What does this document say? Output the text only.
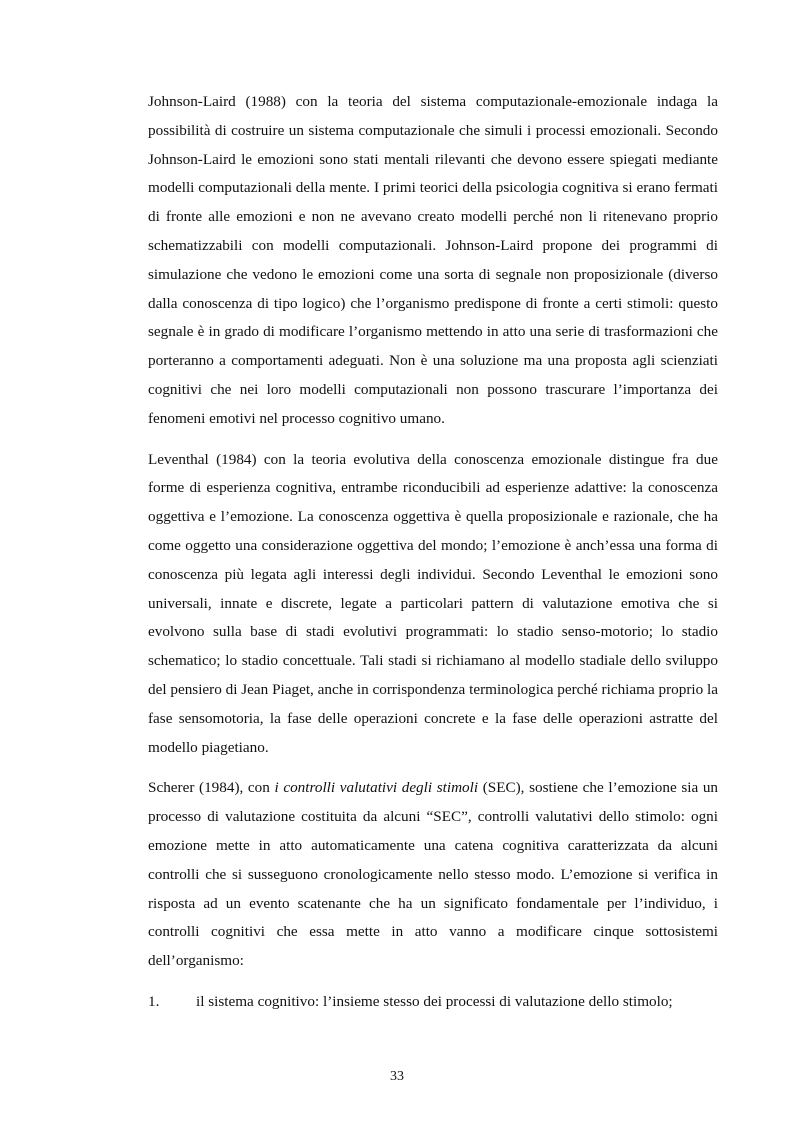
Johnson-Laird (1988) con la teoria del sistema computazionale-emozionale indaga la possibilità di costruire un sistema computazionale che simuli i processi emozionali. Secondo Johnson-Laird le emozioni sono stati mentali rilevanti che devono essere spiegati mediante modelli computazionali della mente. I primi teorici della psicologia cognitiva si erano fermati di fronte alle emozioni e non ne avevano creato modelli perché non li ritenevano proprio schematizzabili con modelli computazionali. Johnson-Laird propone dei programmi di simulazione che vedono le emozioni come una sorta di segnale non proposizionale (diverso dalla conoscenza di tipo logico) che l’organismo predispone di fronte a certi stimoli: questo segnale è in grado di modificare l’organismo mettendo in atto una serie di trasformazioni che porteranno a comportamenti adeguati. Non è una soluzione ma una proposta agli scienziati cognitivi che nei loro modelli computazionali non possono trascurare l’importanza dei fenomeni emotivi nel processo cognitivo umano.

Leventhal (1984) con la teoria evolutiva della conoscenza emozionale distingue fra due forme di esperienza cognitiva, entrambe riconducibili ad esperienze adattive: la conoscenza oggettiva e l’emozione. La conoscenza oggettiva è quella proposizionale e razionale, che ha come oggetto una considerazione oggettiva del mondo; l’emozione è anch’essa una forma di conoscenza più legata agli interessi degli individui. Secondo Leventhal le emozioni sono universali, innate e discrete, legate a particolari pattern di valutazione emotiva che si evolvono sulla base di stadi evolutivi programmati: lo stadio senso-motorio; lo stadio schematico; lo stadio concettuale. Tali stadi si richiamano al modello stadiale dello sviluppo del pensiero di Jean Piaget, anche in corrispondenza terminologica perché richiama proprio la fase sensomotoria, la fase delle operazioni concrete e la fase delle operazioni astratte del modello piagetiano.

Scherer (1984), con i controlli valutativi degli stimoli (SEC), sostiene che l’emozione sia un processo di valutazione costituita da alcuni “SEC”, controlli valutativi dello stimolo: ogni emozione mette in atto automaticamente una catena cognitiva caratterizzata da alcuni controlli che si susseguono cronologicamente nello stesso modo. L’emozione si verifica in risposta ad un evento scatenante che ha un significato fondamentale per l’individuo, i controlli cognitivi che essa mette in atto vanno a modificare cinque sottosistemi dell’organismo:

1.	il sistema cognitivo: l’insieme stesso dei processi di valutazione dello stimolo;
33
